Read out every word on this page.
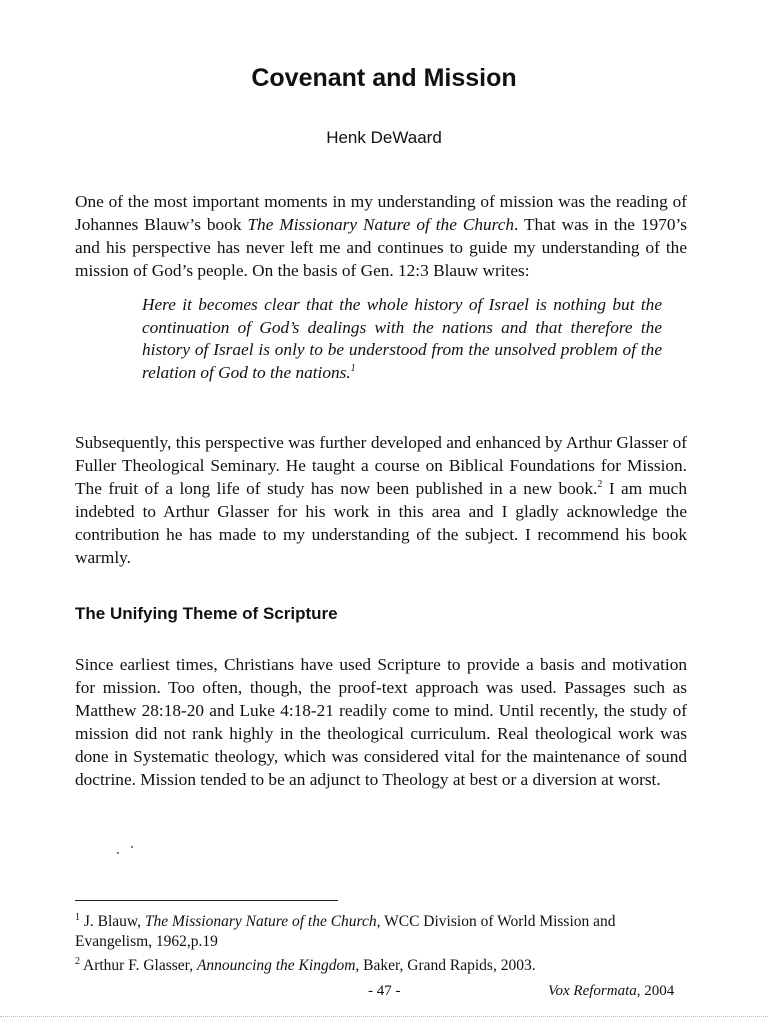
Covenant and Mission
Henk DeWaard

One of the most important moments in my understanding of mission was the reading of Johannes Blauw’s book The Missionary Nature of the Church. That was in the 1970’s and his perspective has never left me and continues to guide my understanding of the mission of God’s people. On the basis of Gen. 12:3 Blauw writes:

Here it becomes clear that the whole history of Israel is nothing but the continuation of God’s dealings with the nations and that therefore the history of Israel is only to be understood from the unsolved problem of the relation of God to the nations.$^1$

Subsequently, this perspective was further developed and enhanced by Arthur Glasser of Fuller Theological Seminary. He taught a course on Biblical Foundations for Mission. The fruit of a long life of study has now been published in a new book.$^2$ I am much indebted to Arthur Glasser for his work in this area and I gladly acknowledge the contribution he has made to my understanding of the subject. I recommend his book warmly.

The Unifying Theme of Scripture

Since earliest times, Christians have used Scripture to provide a basis and motivation for mission. Too often, though, the proof-text approach was used. Passages such as Matthew 28:18-20 and Luke 4:18-21 readily come to mind. Until recently, the study of mission did not rank highly in the theological curriculum. Real theological work was done in Systematic theology, which was considered vital for the maintenance of sound doctrine. Mission tended to be an adjunct to Theology at best or a diversion at worst.

$^1$ J. Blauw, The Missionary Nature of the Church, WCC Division of World Mission and Evangelism, 1962,p.19

$^2$ Arthur F. Glasser, Announcing the Kingdom, Baker, Grand Rapids, 2003.

- 47 -	Vox Reformata, 2004
